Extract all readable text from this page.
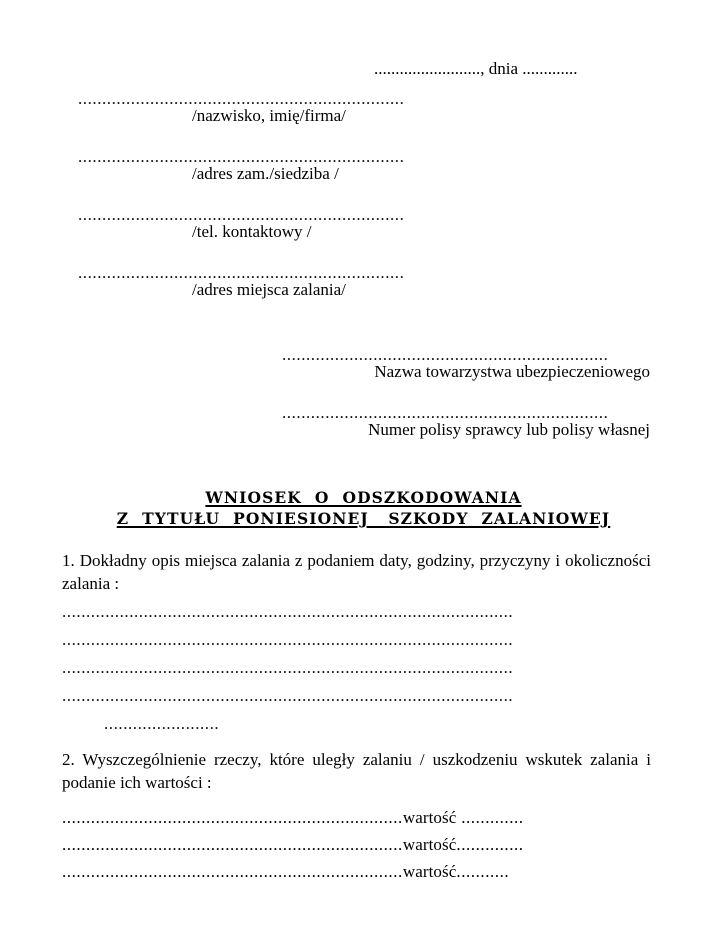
........................., dnia .............
....................................................................
/nazwisko, imię/firma/
....................................................................
/adres zam./siedziba /
....................................................................
/tel. kontaktowy /
....................................................................
/adres miejsca zalania/
....................................................................
Nazwa towarzystwa ubezpieczeniowego
....................................................................
Numer polisy sprawcy lub polisy własnej
WNIOSEK  O  ODSZKODOWANIA
Z  TYTUŁU  PONIESIONEJ   SZKODY  ZALANIOWEJ

1. Dokładny opis miejsca zalania z podaniem daty, godziny, przyczyny i okoliczności zalania :

..............................................................................................

..............................................................................................

..............................................................................................

..............................................................................................

........................

2. Wyszczególnienie rzeczy, które uległy zalaniu / uszkodzeniu wskutek zalania i podanie ich wartości :

.......................................................................wartość .............

.......................................................................wartość..............

.......................................................................wartość...........
